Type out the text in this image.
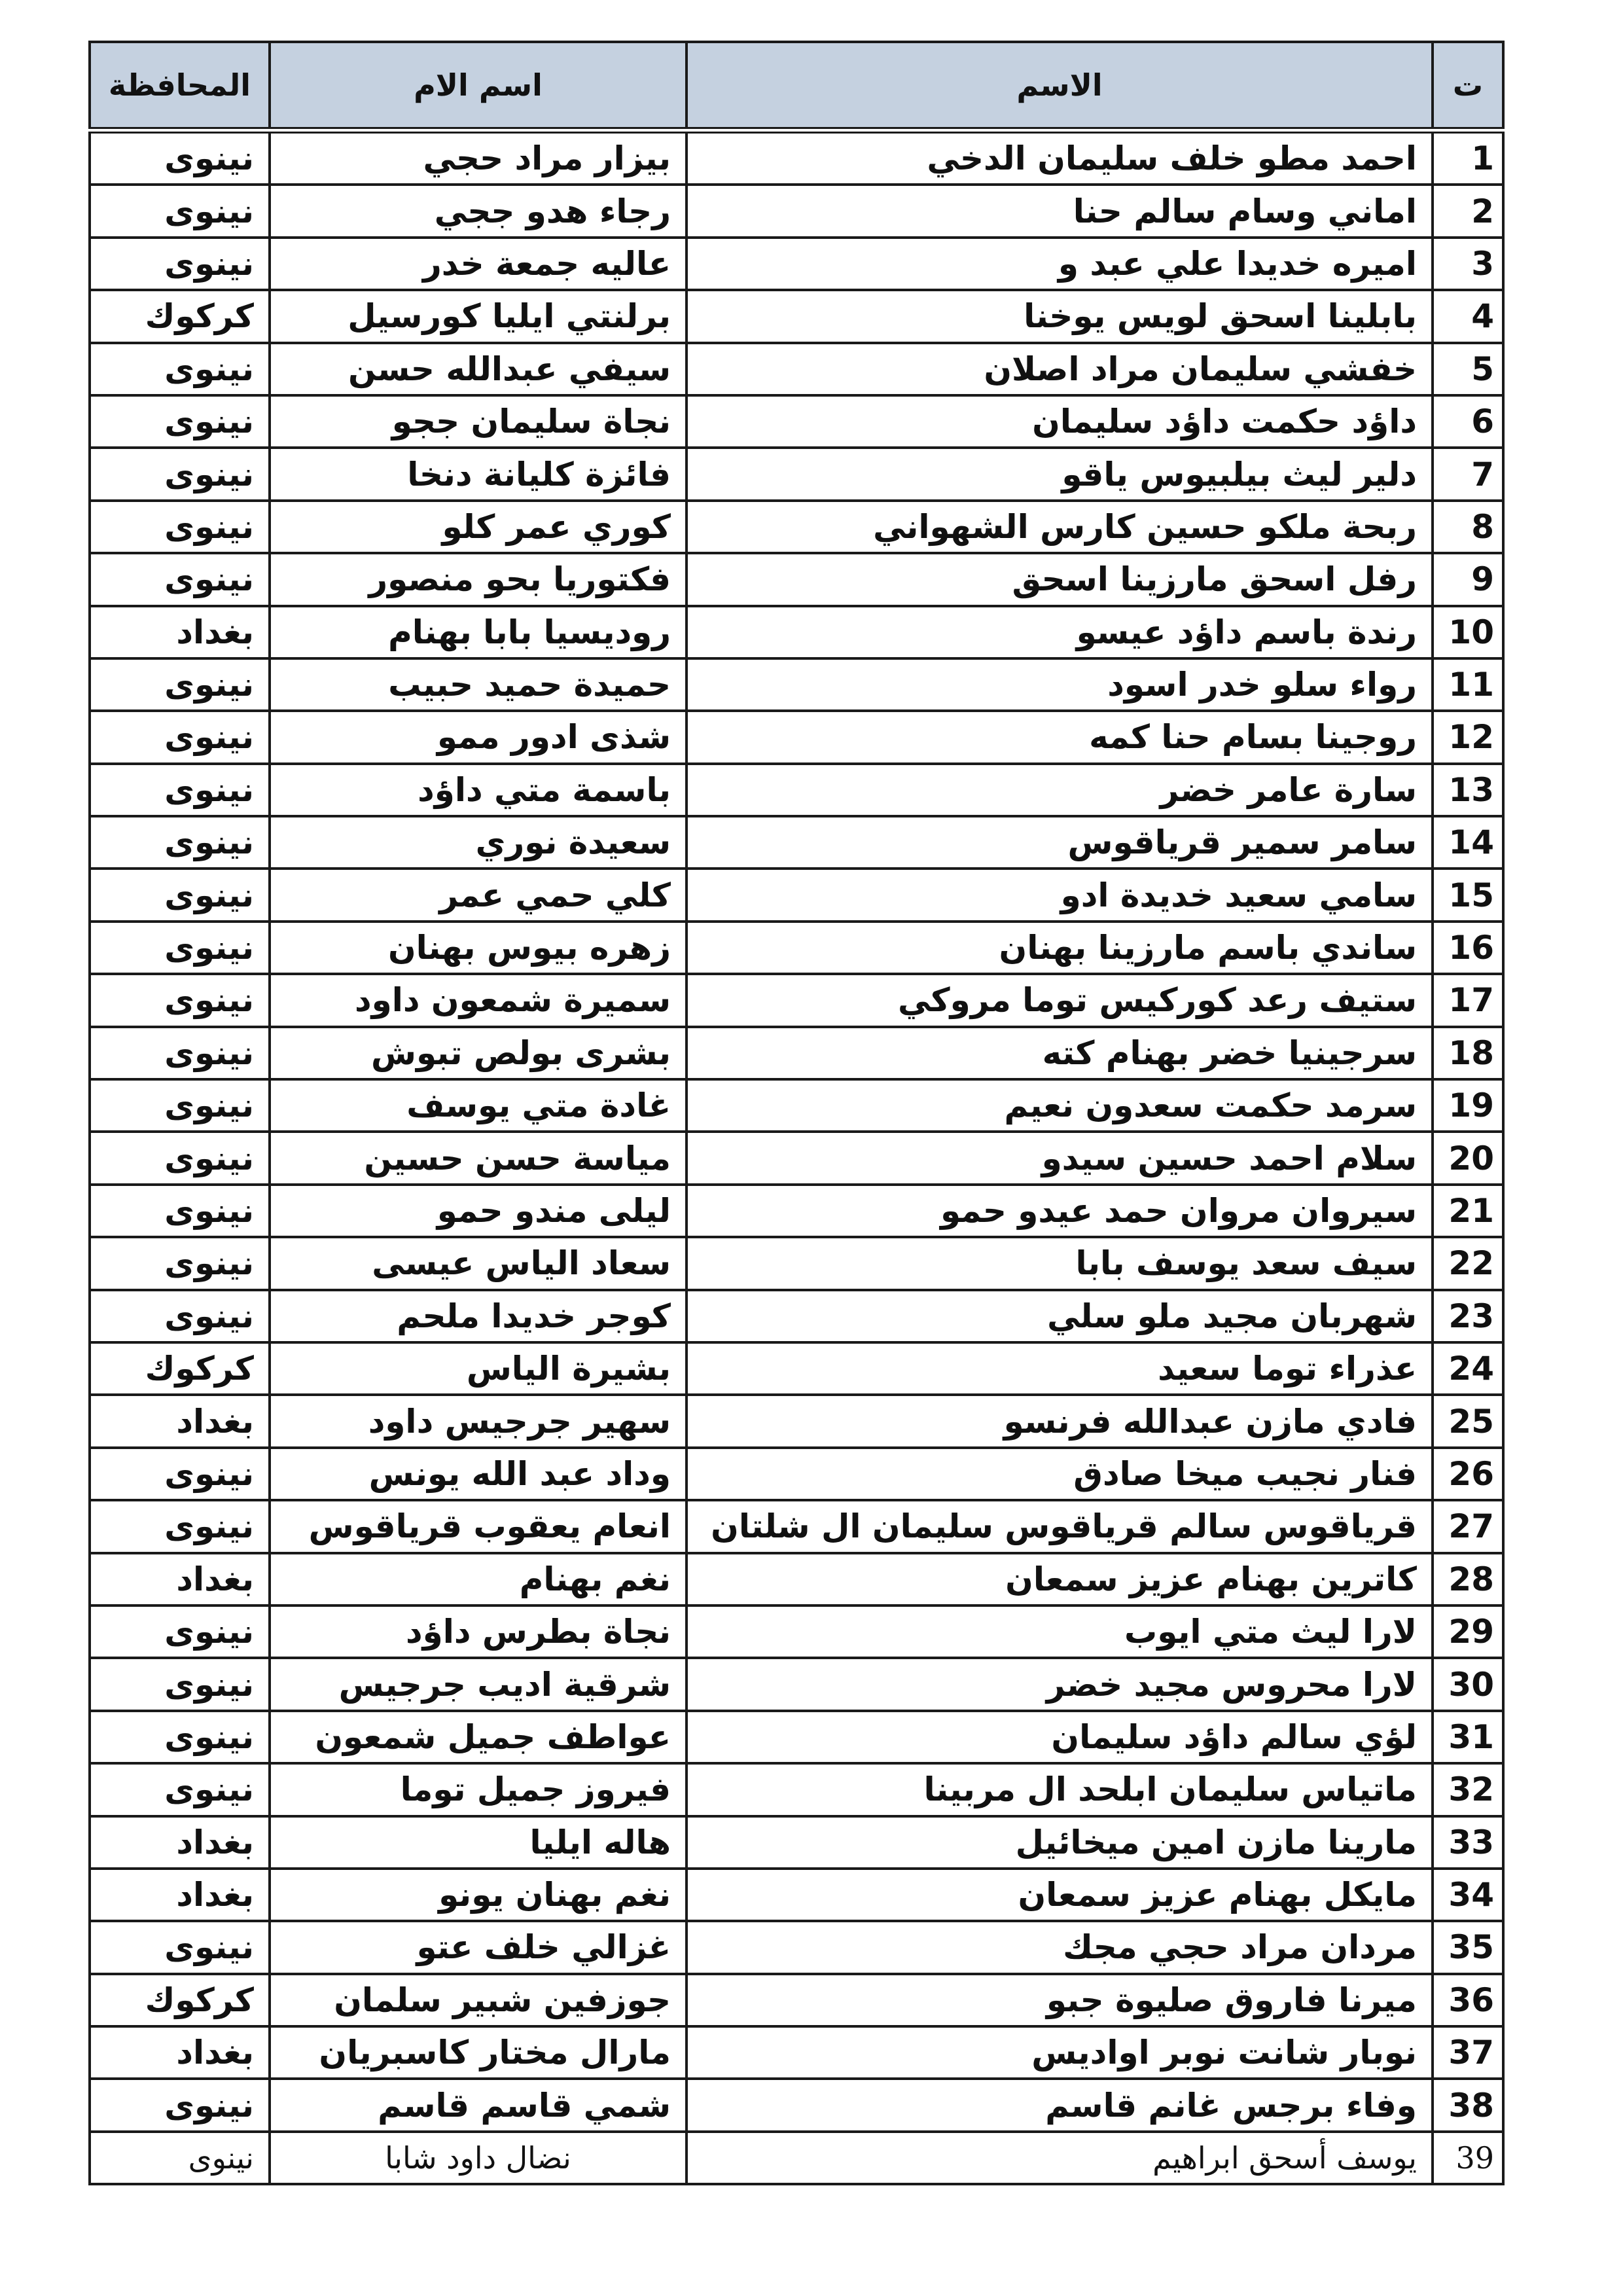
ت	الاسم	اسم الام	المحافظة
1	احمد مطو خلف سليمان الدخي	بيزار مراد حجي	نينوى
2	اماني وسام سالم حنا	رجاء هدو ججي	نينوى
3	اميره خديدا علي عبد و	عاليه جمعة خدر	نينوى
4	بابلينا اسحق لويس يوخنا	برلنتي ايليا كورسيل	كركوك
5	خفشي سليمان مراد اصلان	سيفي عبدالله حسن	نينوى
6	داؤد حكمت داؤد سليمان	نجاة سليمان ججو	نينوى
7	دلير ليث بيلبيوس ياقو	فائزة كليانة دنخا	نينوى
8	ربحة ملكو حسين كارس الشهواني	كوري عمر كلو	نينوى
9	رفل اسحق مارزينا اسحق	فكتوريا بحو منصور	نينوى
10	رندة باسم داؤد عيسو	روديسيا بابا بهنام	بغداد
11	رواء سلو خدر اسود	حميدة حميد حبيب	نينوى
12	روجينا بسام حنا كمه	شذى ادور ممو	نينوى
13	سارة عامر خضر	باسمة متي داؤد	نينوى
14	سامر سمير قرياقوس	سعيدة نوري	نينوى
15	سامي سعيد خديدة ادو	كلي حمي عمر	نينوى
16	ساندي باسم مارزينا بهنان	زهره بيوس بهنان	نينوى
17	ستيف رعد كوركيس توما مروكي	سميرة شمعون داود	نينوى
18	سرجينيا خضر بهنام كته	بشرى بولص تبوش	نينوى
19	سرمد حكمت سعدون نعيم	غادة متي يوسف	نينوى
20	سلام احمد حسين سيدو	مياسة حسن حسين	نينوى
21	سيروان مروان حمد عيدو حمو	ليلى مندو حمو	نينوى
22	سيف سعد يوسف بابا	سعاد الياس عيسى	نينوى
23	شهربان مجيد ملو سلي	كوجر خديدا ملحم	نينوى
24	عذراء توما سعيد	بشيرة الياس	كركوك
25	فادي مازن عبدالله فرنسو	سهير جرجيس داود	بغداد
26	فنار نجيب ميخا صادق	وداد عبد الله يونس	نينوى
27	قرياقوس سالم قرياقوس سليمان ال شلتان	انعام يعقوب قرياقوس	نينوى
28	كاترين بهنام عزيز سمعان	نغم بهنام	بغداد
29	لارا ليث متي ايوب	نجاة بطرس داؤد	نينوى
30	لارا محروس مجيد خضر	شرقية اديب جرجيس	نينوى
31	لؤي سالم داؤد سليمان	عواطف جميل شمعون	نينوى
32	ماتياس سليمان ابلحد ال مربينا	فيروز جميل توما	نينوى
33	مارينا مازن امين ميخائيل	هاله ايليا	بغداد
34	مايكل بهنام عزيز سمعان	نغم بهنان يونو	بغداد
35	مردان مراد حجي مجك	غزالي خلف عتو	نينوى
36	ميرنا فاروق صليوة جبو	جوزفين شبير سلمان	كركوك
37	نوبار شانت نوبر اواديس	مارال مختار كاسبريان	بغداد
38	وفاء برجس غانم قاسم	شمي قاسم قاسم	نينوى
39	يوسف أسحق ابراهيم	نضال داود شابا	نينوى
